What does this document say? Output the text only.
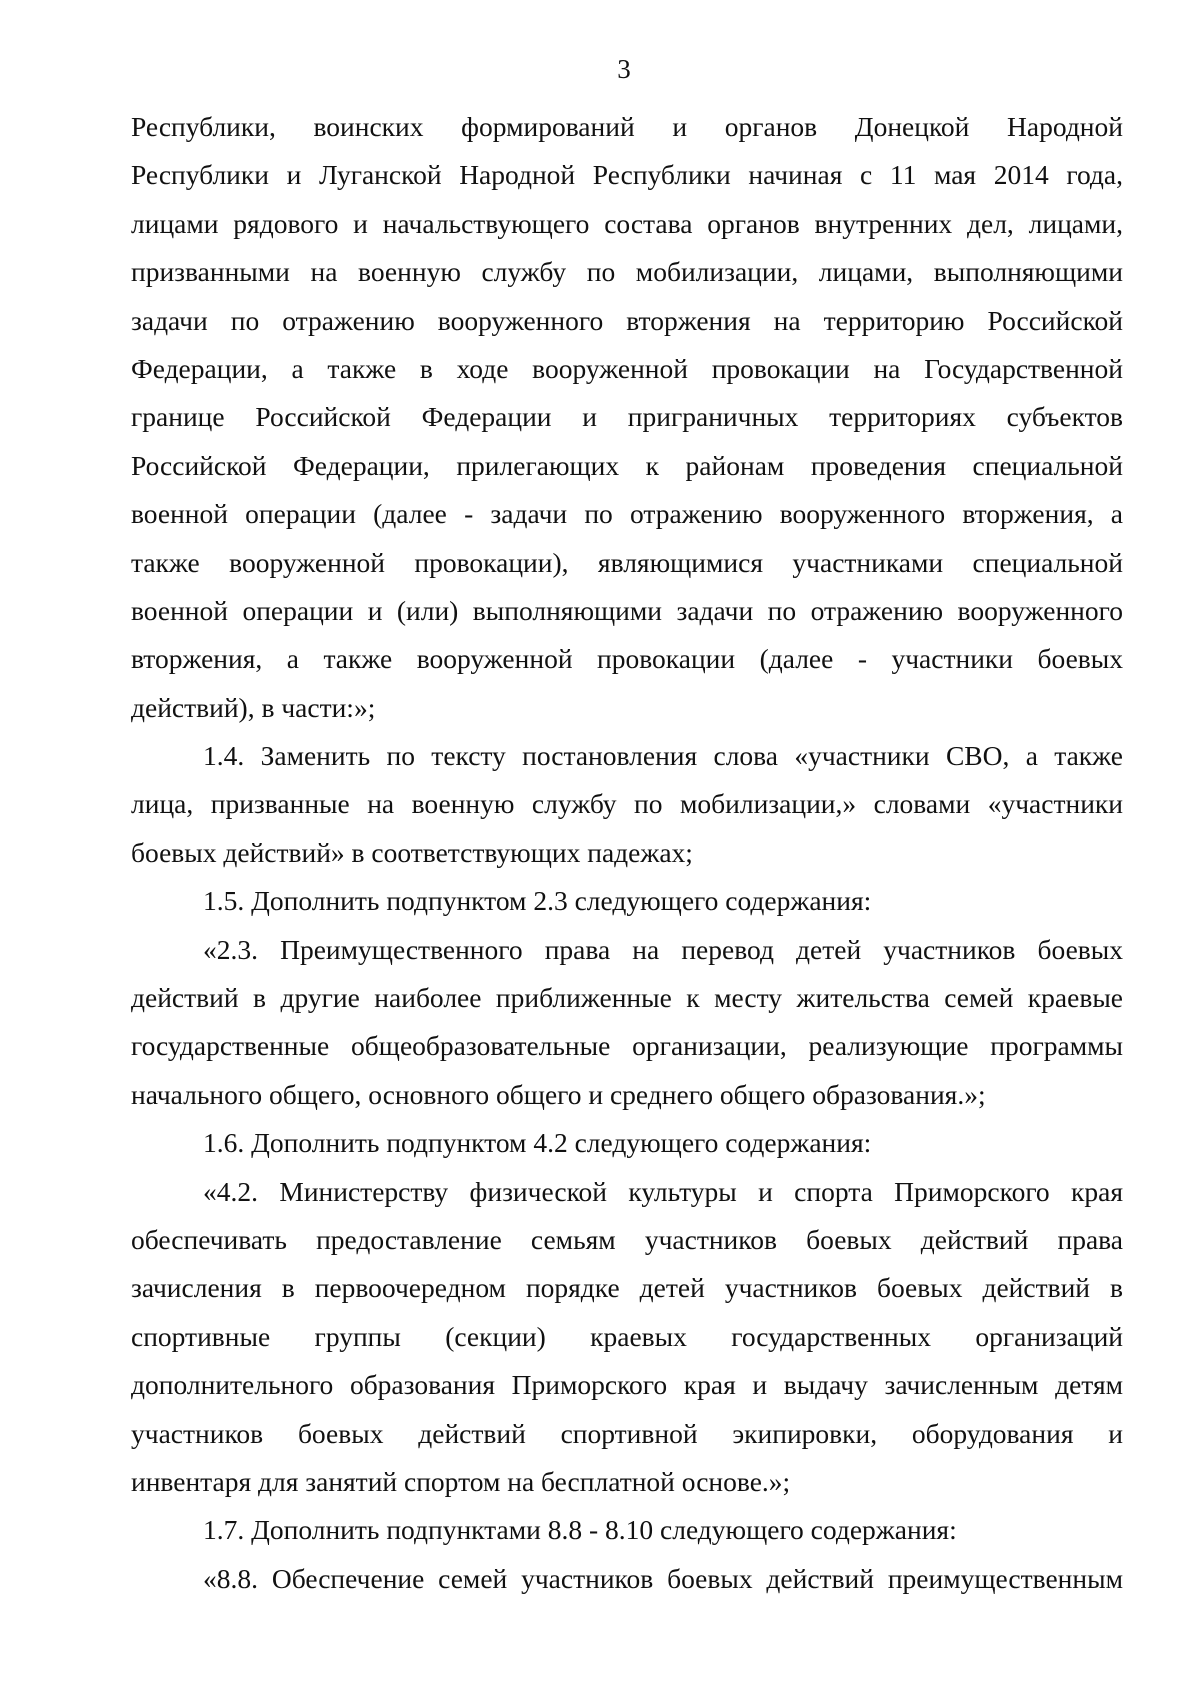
3
Республики, воинских формирований и органов Донецкой Народной
Республики и Луганской Народной Республики начиная с 11 мая 2014 года,
лицами рядового и начальствующего состава органов внутренних дел, лицами,
призванными на военную службу по мобилизации, лицами, выполняющими
задачи по отражению вооруженного вторжения на территорию Российской
Федерации, а также в ходе вооруженной провокации на Государственной
границе Российской Федерации и приграничных территориях субъектов
Российской Федерации, прилегающих к районам проведения специальной
военной операции (далее - задачи по отражению вооруженного вторжения, а
также вооруженной провокации), являющимися участниками специальной
военной операции и (или) выполняющими задачи по отражению вооруженного
вторжения, а также вооруженной провокации (далее - участники боевых
действий), в части:»;
1.4. Заменить по тексту постановления слова «участники СВО, а также
лица, призванные на военную службу по мобилизации,» словами «участники
боевых действий» в соответствующих падежах;
1.5. Дополнить подпунктом 2.3 следующего содержания:
«2.3. Преимущественного права на перевод детей участников боевых
действий в другие наиболее приближенные к месту жительства семей краевые
государственные общеобразовательные организации, реализующие программы
начального общего, основного общего и среднего общего образования.»;
1.6. Дополнить подпунктом 4.2 следующего содержания:
«4.2. Министерству физической культуры и спорта Приморского края
обеспечивать предоставление семьям участников боевых действий права
зачисления в первоочередном порядке детей участников боевых действий в
спортивные группы (секции) краевых государственных организаций
дополнительного образования Приморского края и выдачу зачисленным детям
участников боевых действий спортивной экипировки, оборудования и
инвентаря для занятий спортом на бесплатной основе.»;
1.7. Дополнить подпунктами 8.8 - 8.10 следующего содержания:
«8.8. Обеспечение семей участников боевых действий преимущественным
